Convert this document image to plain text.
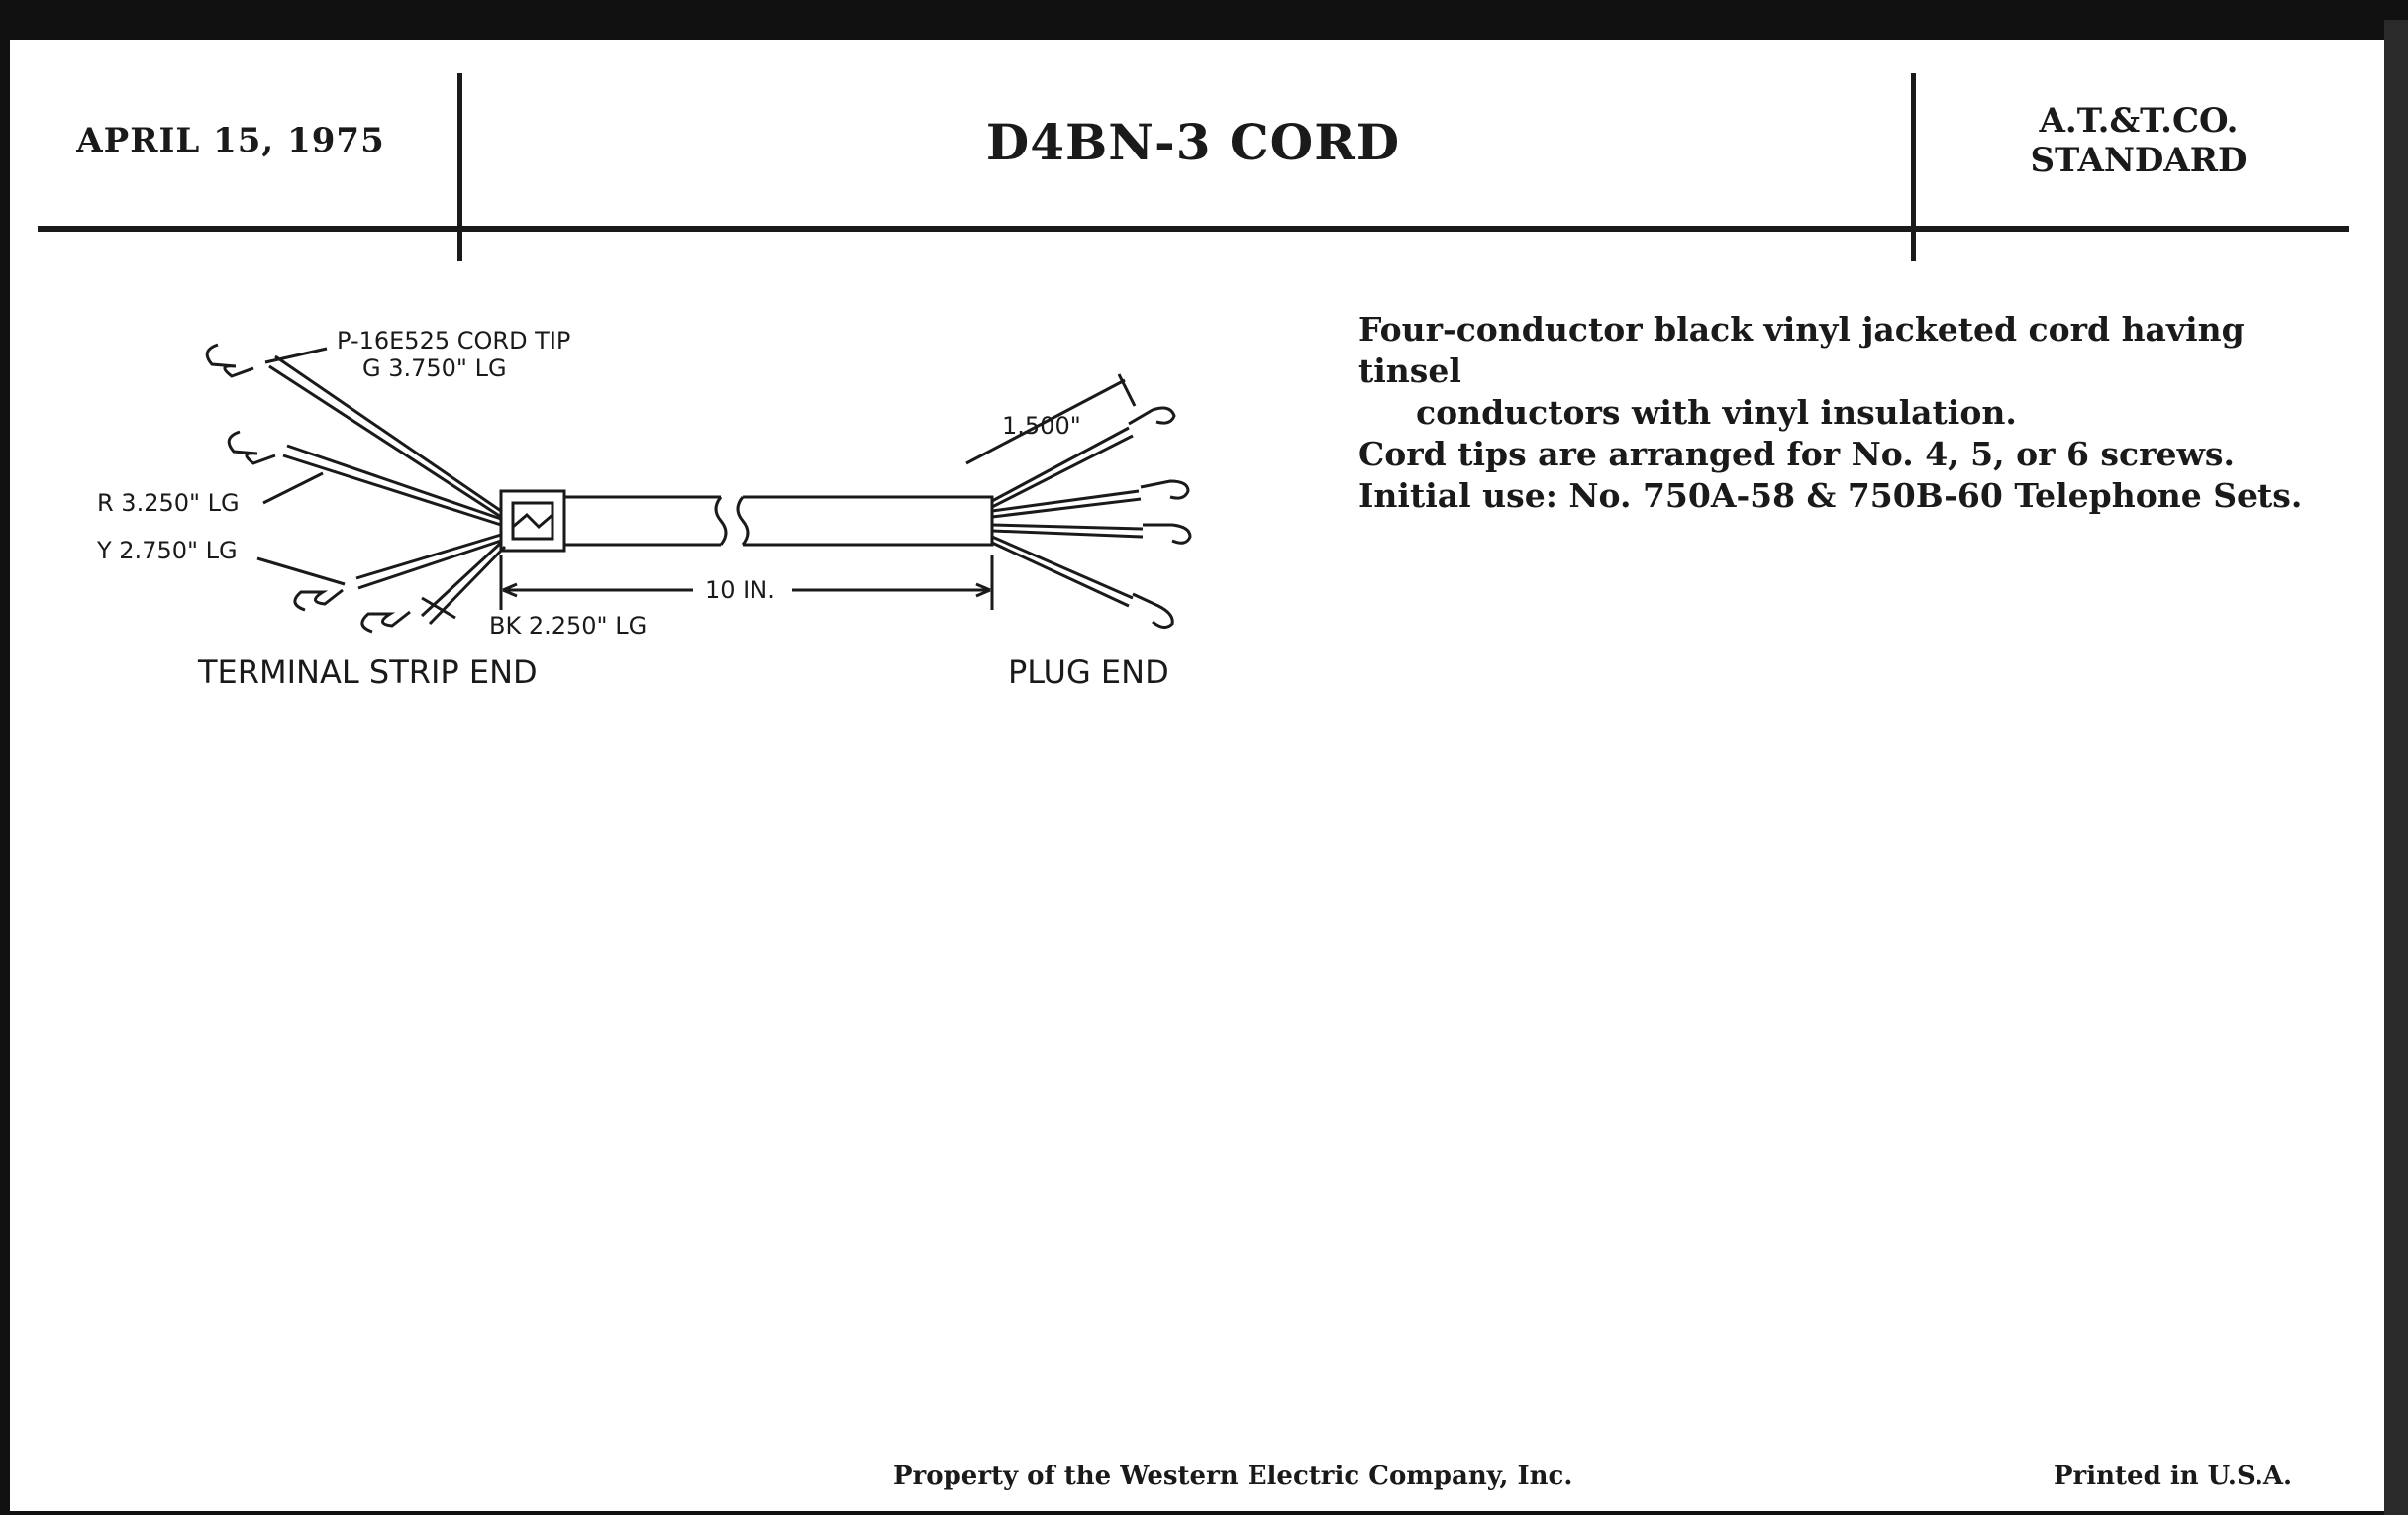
APRIL 15, 1975	D4BN-3 CORD	A.T.&T.CO.
STANDARD
P-16E525 CORD TIP
G 3.750" LG
R 3.250" LG
Y 2.750" LG
BK 2.250" LG
10 IN.
1.500"
TERMINAL STRIP END	PLUG END

Four-conductor black vinyl jacketed cord having tinsel

conductors with vinyl insulation.

Cord tips are arranged for No. 4, 5, or 6 screws.

Initial use: No. 750A-58 & 750B-60 Telephone Sets.

Property of the Western Electric Company, Inc.	Printed in U.S.A.
